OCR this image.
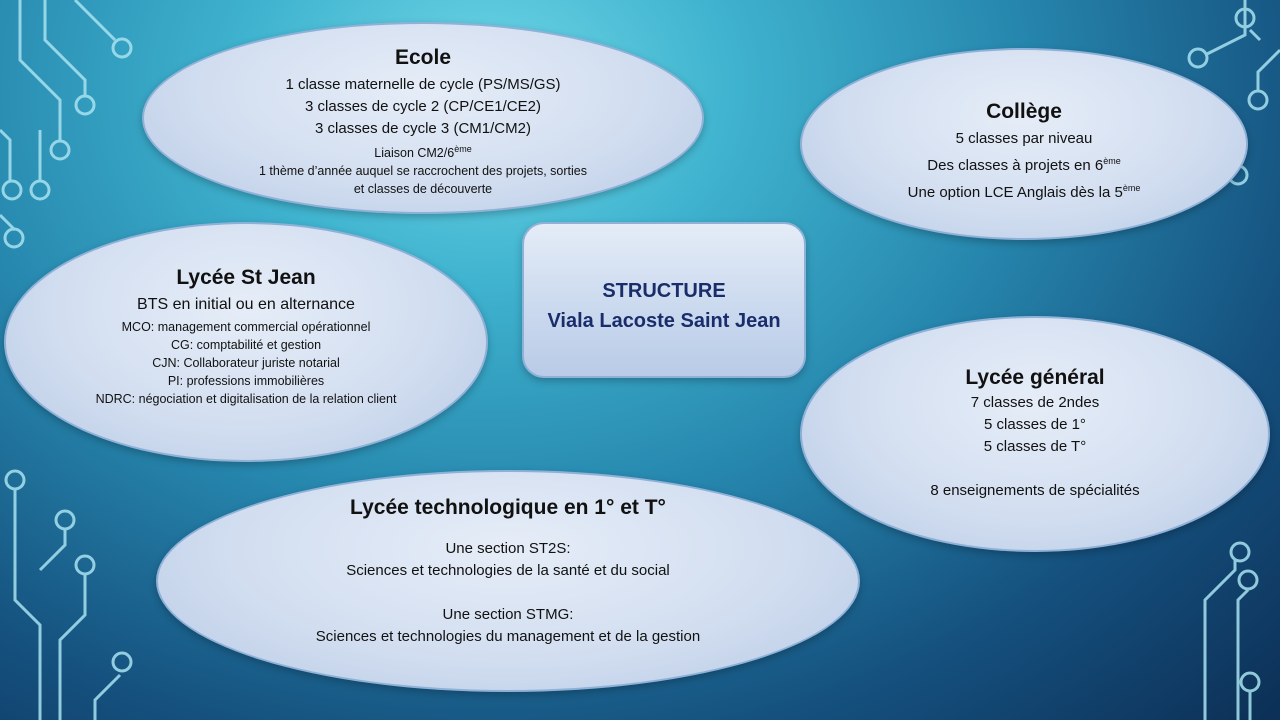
Ecole
1 classe maternelle de cycle (PS/MS/GS)
3 classes de cycle 2 (CP/CE1/CE2)
3 classes de cycle 3 (CM1/CM2)
Liaison CM2/6ème
1 thème d’année auquel se raccrochent des projets, sorties
et classes de découverte
Collège
5 classes par niveau
Des classes à projets en 6ème
Une option LCE Anglais dès la 5ème
Lycée St Jean
BTS en initial ou en alternance
MCO: management commercial opérationnel
CG: comptabilité et gestion
CJN: Collaborateur juriste notarial
PI: professions immobilières
NDRC: négociation et digitalisation de la relation client
STRUCTURE
Viala Lacoste Saint Jean
Lycée général
7 classes de 2ndes
5 classes de 1°
5 classes de T°
8 enseignements de spécialités
Lycée technologique en 1° et T°
Une section ST2S:
Sciences et technologies de la santé et du social
Une section STMG:
Sciences et technologies du management et de la gestion
